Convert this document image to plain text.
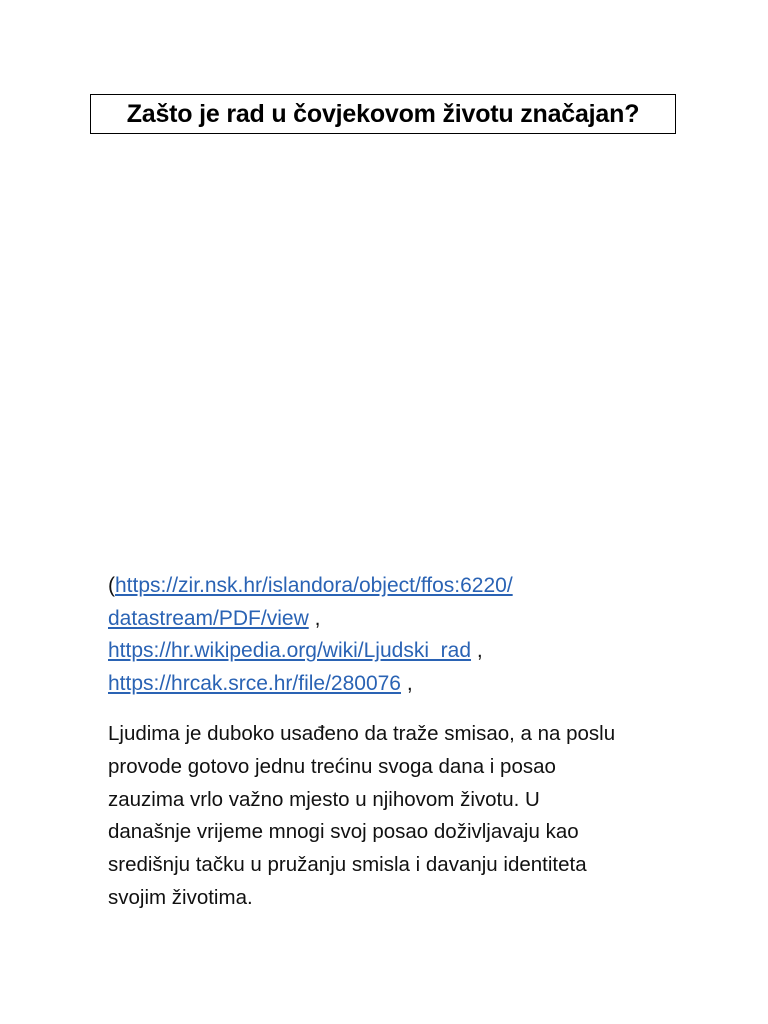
Zašto je rad u čovjekovom životu značajan?
(https://zir.nsk.hr/islandora/object/ffos:6220/
datastream/PDF/view ,
https://hr.wikipedia.org/wiki/Ljudski_rad ,
https://hrcak.srce.hr/file/280076 ,
Ljudima je duboko usađeno da traže smisao, a na poslu
provode gotovo jednu trećinu svoga dana i posao
zauzima vrlo važno mjesto u njihovom životu. U
današnje vrijeme mnogi svoj posao doživljavaju kao
središnju tačku u pružanju smisla i davanju identiteta
svojim životima.
